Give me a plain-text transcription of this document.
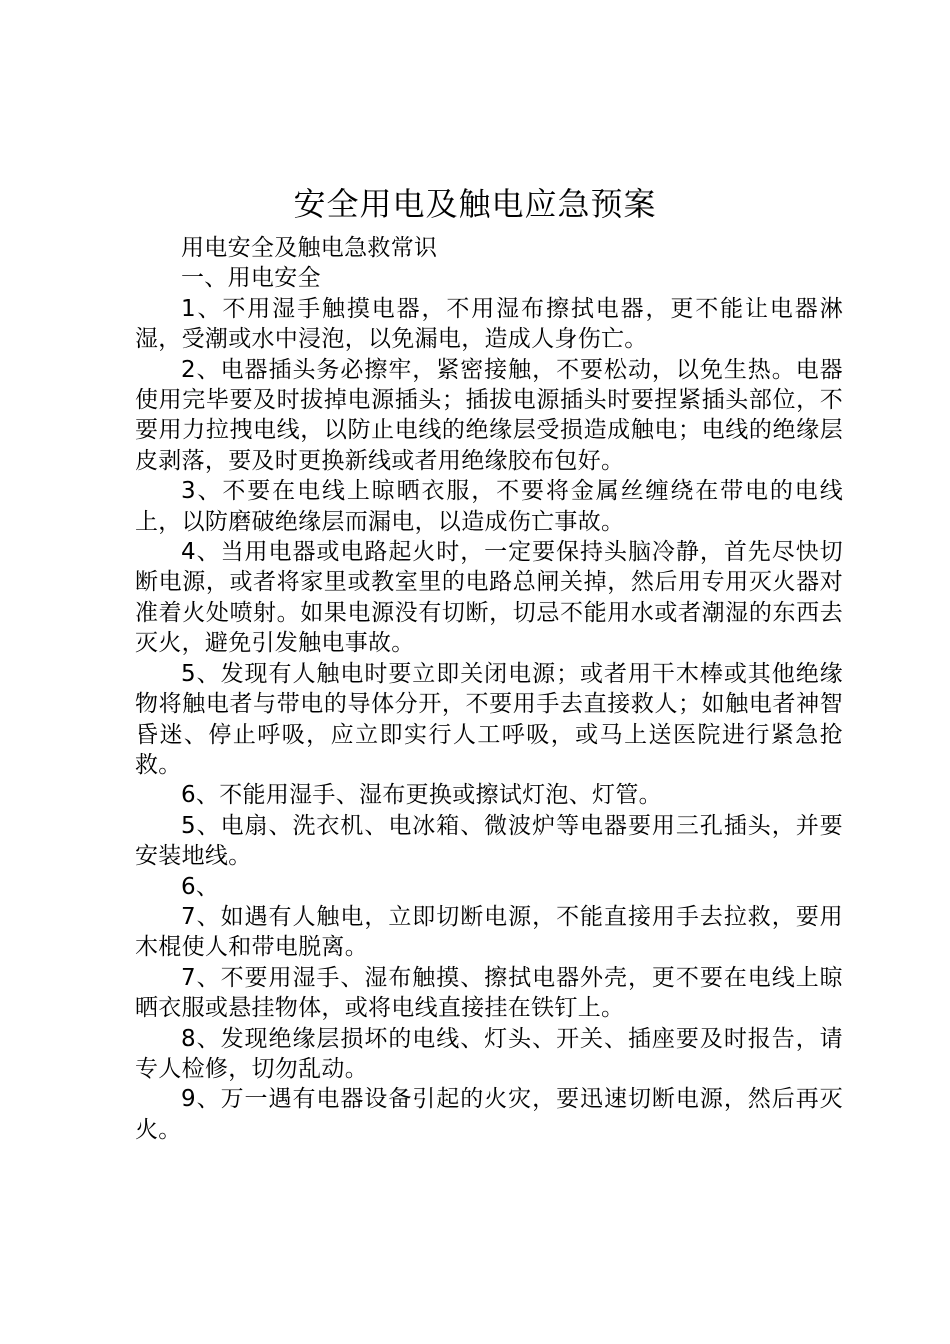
安全用电及触电应急预案

用电安全及触电急救常识

一、用电安全

1、不用湿手触摸电器，不用湿布擦拭电器，更不能让电器淋湿，受潮或水中浸泡，以免漏电，造成人身伤亡。

2、电器插头务必擦牢，紧密接触，不要松动，以免生热。电器使用完毕要及时拔掉电源插头；插拔电源插头时要捏紧插头部位，不要用力拉拽电线，以防止电线的绝缘层受损造成触电；电线的绝缘层皮剥落，要及时更换新线或者用绝缘胶布包好。

3、不要在电线上晾晒衣服，不要将金属丝缠绕在带电的电线上，以防磨破绝缘层而漏电，以造成伤亡事故。

4、当用电器或电路起火时，一定要保持头脑冷静，首先尽快切断电源，或者将家里或教室里的电路总闸关掉，然后用专用灭火器对准着火处喷射。如果电源没有切断，切忌不能用水或者潮湿的东西去灭火，避免引发触电事故。

5、发现有人触电时要立即关闭电源；或者用干木棒或其他绝缘物将触电者与带电的导体分开，不要用手去直接救人；如触电者神智昏迷、停止呼吸，应立即实行人工呼吸，或马上送医院进行紧急抢救。

6、不能用湿手、湿布更换或擦试灯泡、灯管。

5、电扇、洗衣机、电冰箱、微波炉等电器要用三孔插头，并要安装地线。

6、

7、如遇有人触电，立即切断电源，不能直接用手去拉救，要用木棍使人和带电脱离。

7、不要用湿手、湿布触摸、擦拭电器外壳，更不要在电线上晾晒衣服或悬挂物体，或将电线直接挂在铁钉上。

8、发现绝缘层损坏的电线、灯头、开关、插座要及时报告，请专人检修，切勿乱动。

9、万一遇有电器设备引起的火灾，要迅速切断电源，然后再灭火。
